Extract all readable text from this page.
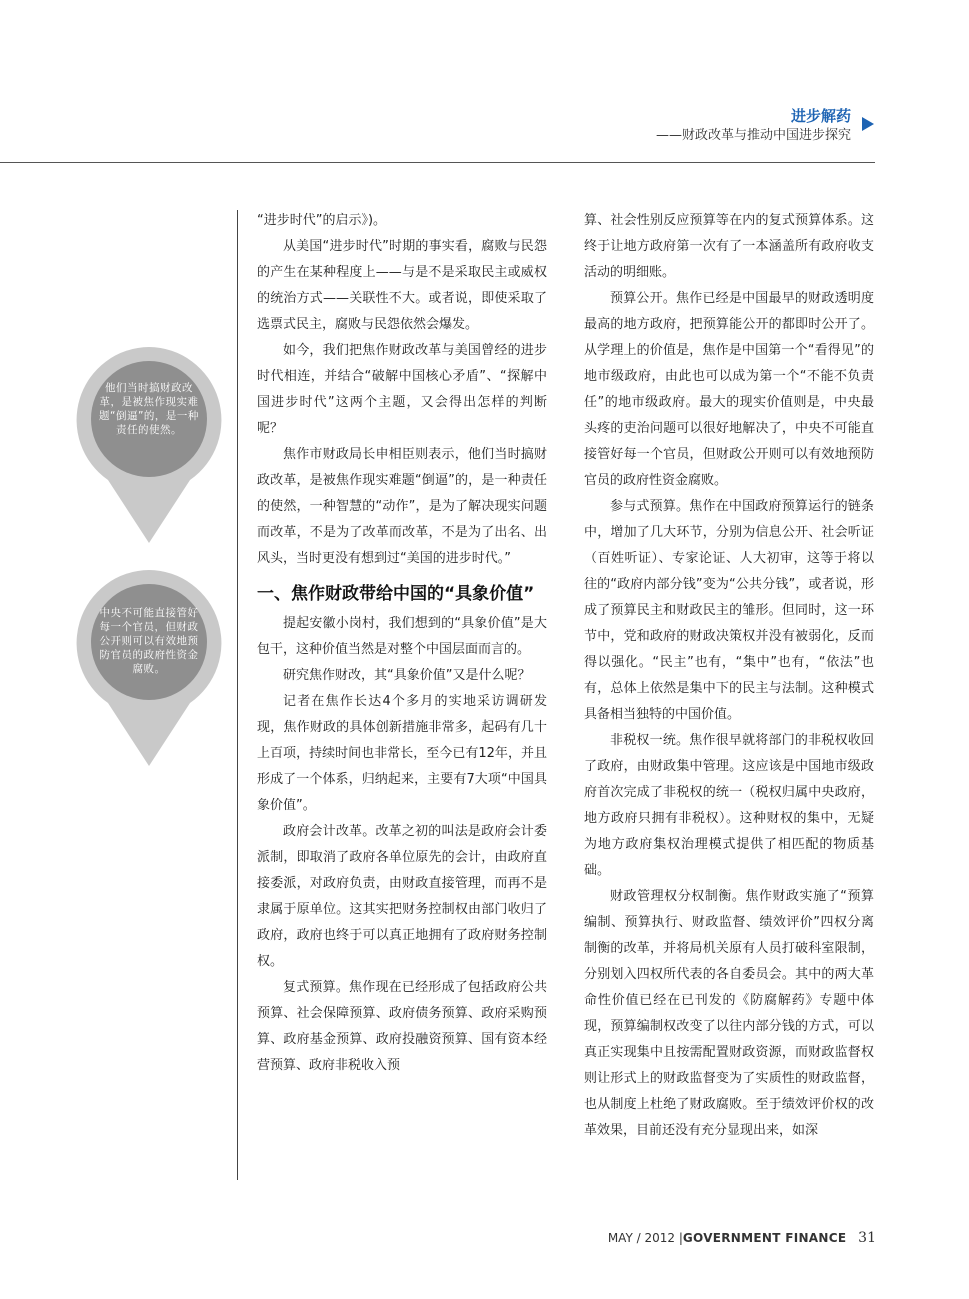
进步解药
——财政改革与推动中国进步探究
他们当时搞财政改革，是被焦作现实难题“倒逼”的，是一种责任的使然。
中央不可能直接管好每一个官员，但财政公开则可以有效地预防官员的政府性资金腐败。

“进步时代”的启示》)。

从美国“进步时代”时期的事实看，腐败与民怨的产生在某种程度上——与是不是采取民主或威权的统治方式——关联性不大。或者说，即使采取了选票式民主，腐败与民怨依然会爆发。

如今，我们把焦作财政改革与美国曾经的进步时代相连，并结合“破解中国核心矛盾”、“探解中国进步时代”这两个主题，又会得出怎样的判断呢？

焦作市财政局长申相臣则表示，他们当时搞财政改革，是被焦作现实难题“倒逼”的，是一种责任的使然，一种智慧的“动作”，是为了解决现实问题而改革，不是为了改革而改革，不是为了出名、出风头，当时更没有想到过“美国的进步时代。”

一、焦作财政带给中国的“具象价值”

提起安徽小岗村，我们想到的“具象价值”是大包干，这种价值当然是对整个中国层面而言的。

研究焦作财改，其“具象价值”又是什么呢？

记者在焦作长达4个多月的实地采访调研发现，焦作财政的具体创新措施非常多，起码有几十上百项，持续时间也非常长，至今已有12年，并且形成了一个体系，归纳起来，主要有7大项“中国具象价值”。

政府会计改革。改革之初的叫法是政府会计委派制，即取消了政府各单位原先的会计，由政府直接委派，对政府负责，由财政直接管理，而再不是隶属于原单位。这其实把财务控制权由部门收归了政府，政府也终于可以真正地拥有了政府财务控制权。

复式预算。焦作现在已经形成了包括政府公共预算、社会保障预算、政府债务预算、政府采购预算、政府基金预算、政府投融资预算、国有资本经营预算、政府非税收入预

算、社会性别反应预算等在内的复式预算体系。这终于让地方政府第一次有了一本涵盖所有政府收支活动的明细账。

预算公开。焦作已经是中国最早的财政透明度最高的地方政府，把预算能公开的都即时公开了。从学理上的价值是，焦作是中国第一个“看得见”的地市级政府，由此也可以成为第一个“不能不负责任”的地市级政府。最大的现实价值则是，中央最头疼的吏治问题可以很好地解决了，中央不可能直接管好每一个官员，但财政公开则可以有效地预防官员的政府性资金腐败。

参与式预算。焦作在中国政府预算运行的链条中，增加了几大环节，分别为信息公开、社会听证（百姓听证）、专家论证、人大初审，这等于将以往的“政府内部分钱”变为“公共分钱”，或者说，形成了预算民主和财政民主的雏形。但同时，这一环节中，党和政府的财政决策权并没有被弱化，反而得以强化。“民主”也有，“集中”也有，“依法”也有，总体上依然是集中下的民主与法制。这种模式具备相当独特的中国价值。

非税权一统。焦作很早就将部门的非税权收回了政府，由财政集中管理。这应该是中国地市级政府首次完成了非税权的统一（税权归属中央政府，地方政府只拥有非税权）。这种财权的集中，无疑为地方政府集权治理模式提供了相匹配的物质基础。

财政管理权分权制衡。焦作财政实施了“预算编制、预算执行、财政监督、绩效评价”四权分离制衡的改革，并将局机关原有人员打破科室限制，分别划入四权所代表的各自委员会。其中的两大革命性价值已经在已刊发的《防腐解药》专题中体现，预算编制权改变了以往内部分钱的方式，可以真正实现集中且按需配置财政资源，而财政监督权则让形式上的财政监督变为了实质性的财政监督，也从制度上杜绝了财政腐败。至于绩效评价权的改革效果，目前还没有充分显现出来，如深

MAY / 2012 |GOVERNMENT FINANCE 31
